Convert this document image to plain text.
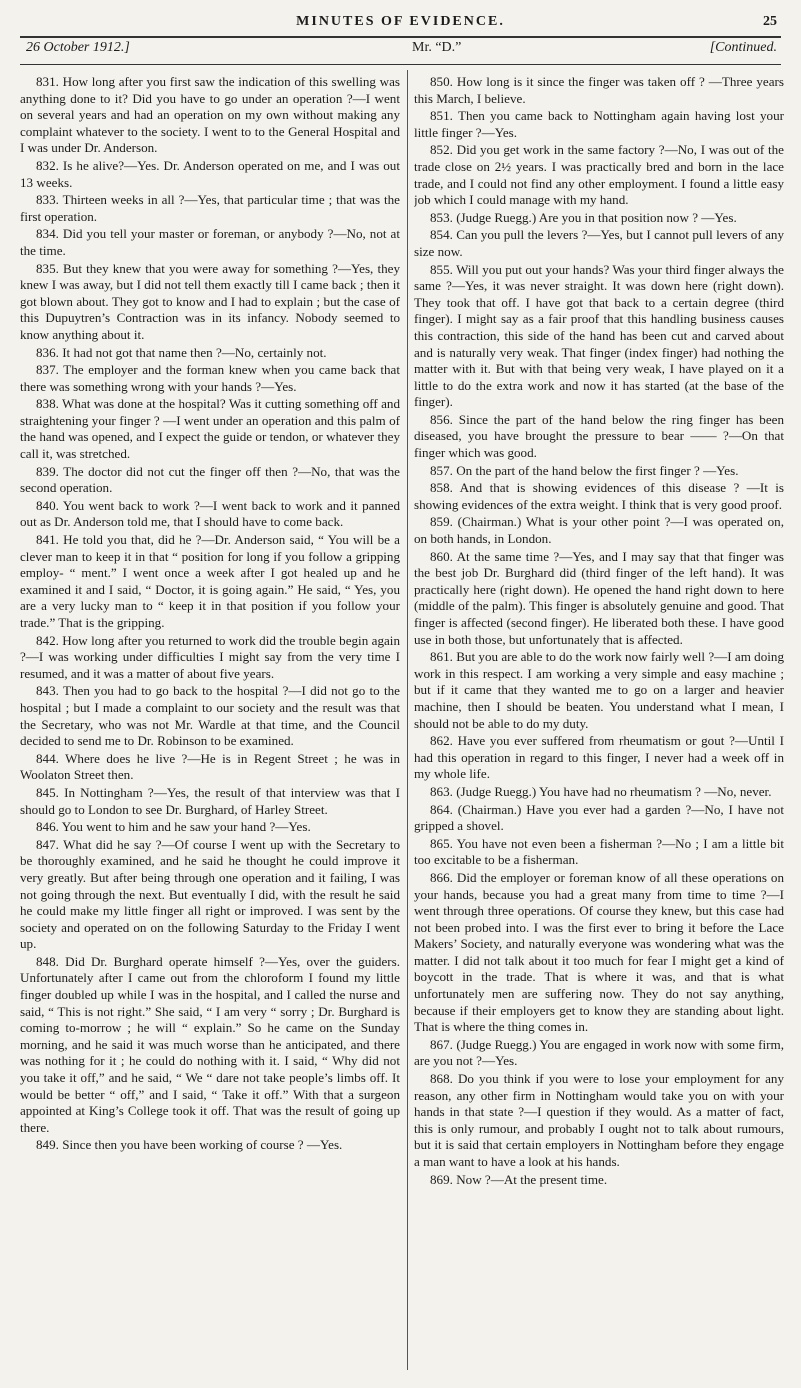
MINUTES OF EVIDENCE.	25
26 October 1912.]	Mr. “D.”	[Continued.

831. How long after you first saw the indication of this swelling was anything done to it? Did you have to go under an operation ?—I went on several years and had an operation on my own without making any complaint whatever to the society. I went to to the General Hospital and I was under Dr. Anderson.

832. Is he alive?—Yes. Dr. Anderson operated on me, and I was out 13 weeks.

833. Thirteen weeks in all ?—Yes, that particular time ; that was the first operation.

834. Did you tell your master or foreman, or anybody ?—No, not at the time.

835. But they knew that you were away for something ?—Yes, they knew I was away, but I did not tell them exactly till I came back ; then it got blown about. They got to know and I had to explain ; but the case of this Dupuytren’s Contraction was in its infancy. Nobody seemed to know anything about it.

836. It had not got that name then ?—No, certainly not.

837. The employer and the forman knew when you came back that there was something wrong with your hands ?—Yes.

838. What was done at the hospital? Was it cutting something off and straightening your finger ? —I went under an operation and this palm of the hand was opened, and I expect the guide or tendon, or whatever they call it, was stretched.

839. The doctor did not cut the finger off then ?—No, that was the second operation.

840. You went back to work ?—I went back to work and it panned out as Dr. Anderson told me, that I should have to come back.

841. He told you that, did he ?—Dr. Anderson said, “ You will be a clever man to keep it in that “ position for long if you follow a gripping employ- “ ment.” I went once a week after I got healed up and he examined it and I said, “ Doctor, it is going again.” He said, “ Yes, you are a very lucky man to “ keep it in that position if you follow your trade.” That is the gripping.

842. How long after you returned to work did the trouble begin again ?—I was working under difficulties I might say from the very time I resumed, and it was a matter of about five years.

843. Then you had to go back to the hospital ?—I did not go to the hospital ; but I made a complaint to our society and the result was that the Secretary, who was not Mr. Wardle at that time, and the Council decided to send me to Dr. Robinson to be examined.

844. Where does he live ?—He is in Regent Street ; he was in Woolaton Street then.

845. In Nottingham ?—Yes, the result of that interview was that I should go to London to see Dr. Burghard, of Harley Street.

846. You went to him and he saw your hand ?—Yes.

847. What did he say ?—Of course I went up with the Secretary to be thoroughly examined, and he said he thought he could improve it very greatly. But after being through one operation and it failing, I was not going through the next. But eventually I did, with the result he said he could make my little finger all right or improved. I was sent by the society and operated on on the following Saturday to the Friday I went up.

848. Did Dr. Burghard operate himself ?—Yes, over the guiders. Unfortunately after I came out from the chloroform I found my little finger doubled up while I was in the hospital, and I called the nurse and said, “ This is not right.” She said, “ I am very “ sorry ; Dr. Burghard is coming to-morrow ; he will “ explain.” So he came on the Sunday morning, and he said it was much worse than he anticipated, and there was nothing for it ; he could do nothing with it. I said, “ Why did not you take it off,” and he said, “ We “ dare not take people’s limbs off. It would be better “ off,” and I said, “ Take it off.” With that a surgeon appointed at King’s College took it off. That was the result of going up there.

849. Since then you have been working of course ? —Yes.

850. How long is it since the finger was taken off ? —Three years this March, I believe.

851. Then you came back to Nottingham again having lost your little finger ?—Yes.

852. Did you get work in the same factory ?—No, I was out of the trade close on 2½ years. I was practically bred and born in the lace trade, and I could not find any other employment. I found a little easy job which I could manage with my hand.

853. (Judge Ruegg.) Are you in that position now ? —Yes.

854. Can you pull the levers ?—Yes, but I cannot pull levers of any size now.

855. Will you put out your hands? Was your third finger always the same ?—Yes, it was never straight. It was down here (right down). They took that off. I have got that back to a certain degree (third finger). I might say as a fair proof that this handling business causes this contraction, this side of the hand has been cut and carved about and is naturally very weak. That finger (index finger) had nothing the matter with it. But with that being very weak, I have played on it a little to do the extra work and now it has started (at the base of the finger).

856. Since the part of the hand below the ring finger has been diseased, you have brought the pressure to bear —— ?—On that finger which was good.

857. On the part of the hand below the first finger ? —Yes.

858. And that is showing evidences of this disease ? —It is showing evidences of the extra weight. I think that is very good proof.

859. (Chairman.) What is your other point ?—I was operated on, on both hands, in London.

860. At the same time ?—Yes, and I may say that that finger was the best job Dr. Burghard did (third finger of the left hand). It was practically here (right down). He opened the hand right down to here (middle of the palm). This finger is absolutely genuine and good. That finger is affected (second finger). He liberated both these. I have good use in both those, but unfortunately that is affected.

861. But you are able to do the work now fairly well ?—I am doing work in this respect. I am working a very simple and easy machine ; but if it came that they wanted me to go on a larger and heavier machine, then I should be beaten. You understand what I mean, I should not be able to do my duty.

862. Have you ever suffered from rheumatism or gout ?—Until I had this operation in regard to this finger, I never had a week off in my whole life.

863. (Judge Ruegg.) You have had no rheumatism ? —No, never.

864. (Chairman.) Have you ever had a garden ?—No, I have not gripped a shovel.

865. You have not even been a fisherman ?—No ; I am a little bit too excitable to be a fisherman.

866. Did the employer or foreman know of all these operations on your hands, because you had a great many from time to time ?—I went through three operations. Of course they knew, but this case had not been probed into. I was the first ever to bring it before the Lace Makers’ Society, and naturally everyone was wondering what was the matter. I did not talk about it too much for fear I might get a kind of boycott in the trade. That is where it was, and that is what unfortunately men are suffering now. They do not say anything, because if their employers get to know they are standing about light. That is where the thing comes in.

867. (Judge Ruegg.) You are engaged in work now with some firm, are you not ?—Yes.

868. Do you think if you were to lose your employment for any reason, any other firm in Nottingham would take you on with your hands in that state ?—I question if they would. As a matter of fact, this is only rumour, and probably I ought not to talk about rumours, but it is said that certain employers in Nottingham before they engage a man want to have a look at his hands.

869. Now ?—At the present time.
